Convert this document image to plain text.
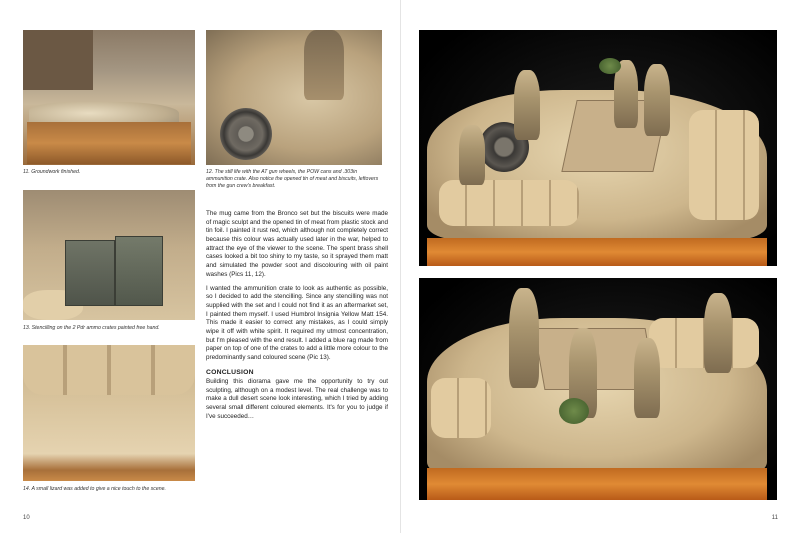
11. Groundwork finished.	12. The still life with the AT gun wheels, the POW cans and .303in ammunition crate. Also notice the opened tin of meat and biscuits, leftovers from the gun crew's breakfast.
13. Stencilling on the 2 Pdr ammo crates painted free hand.
14. A small lizard was added to give a nice touch to the scene.

The mug came from the Bronco set but the biscuits were made of magic sculpt and the opened tin of meat from plastic stock and tin foil. I painted it rust red, which although not completely correct because this colour was actually used later in the war, helped to attract the eye of the viewer to the scene. The spent brass shell cases looked a bit too shiny to my taste, so it sprayed them matt and simulated the powder soot and discolouring with oil paint washes (Pics 11, 12).

I wanted the ammunition crate to look as authentic as possible, so I decided to add the stencilling. Since any stencilling was not supplied with the set and I could not find it as an aftermarket set, I painted them myself. I used Humbrol Insignia Yellow Matt 154. This made it easier to correct any mistakes, as I could simply wipe it off with white spirit. It required my utmost concentration, but I'm pleased with the end result. I added a blue rag made from paper on top of one of the crates to add a little more colour to the predominantly sand coloured scene (Pic 13).

CONCLUSION

Building this diorama gave me the opportunity to try out sculpting, although on a modest level. The real challenge was to make a dull desert scene look interesting, which I tried by adding several small different coloured elements. It's for you to judge if I've succeeded…

10	11
